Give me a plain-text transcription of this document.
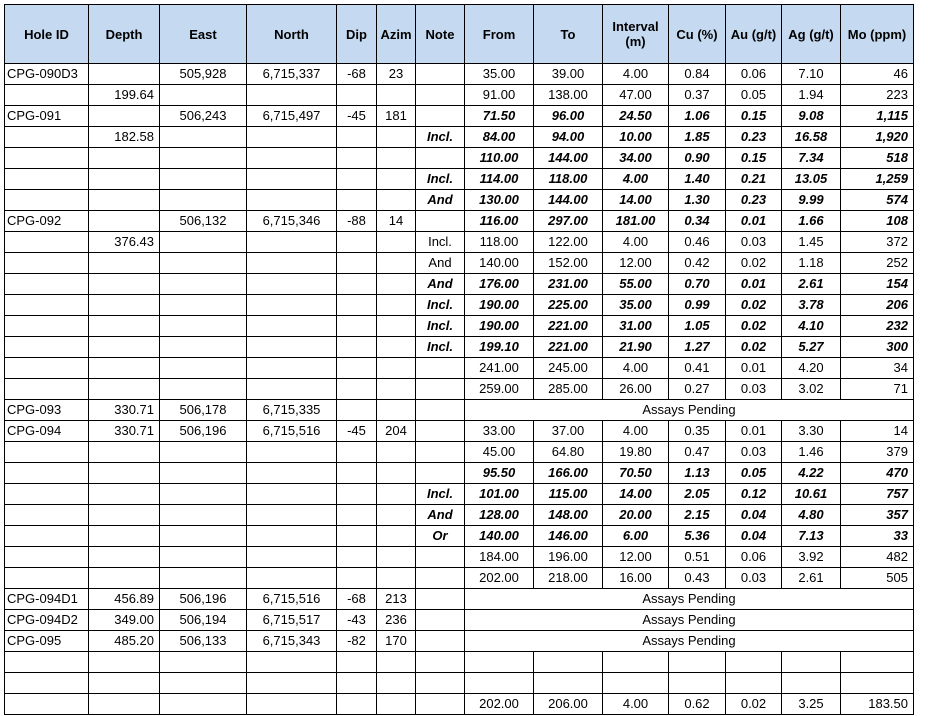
Hole ID	Depth	East	North	Dip	Azim	Note	From	To	Interval (m)	Cu (%)	Au (g/t)	Ag (g/t)	Mo (ppm)
CPG-090D3		505,928	6,715,337	-68	23		35.00	39.00	4.00	0.84	0.06	7.10	46
	199.64						91.00	138.00	47.00	0.37	0.05	1.94	223
CPG-091		506,243	6,715,497	-45	181		71.50	96.00	24.50	1.06	0.15	9.08	1,115
	182.58					Incl.	84.00	94.00	10.00	1.85	0.23	16.58	1,920
							110.00	144.00	34.00	0.90	0.15	7.34	518
						Incl.	114.00	118.00	4.00	1.40	0.21	13.05	1,259
						And	130.00	144.00	14.00	1.30	0.23	9.99	574
CPG-092		506,132	6,715,346	-88	14		116.00	297.00	181.00	0.34	0.01	1.66	108
	376.43					Incl.	118.00	122.00	4.00	0.46	0.03	1.45	372
						And	140.00	152.00	12.00	0.42	0.02	1.18	252
						And	176.00	231.00	55.00	0.70	0.01	2.61	154
						Incl.	190.00	225.00	35.00	0.99	0.02	3.78	206
						Incl.	190.00	221.00	31.00	1.05	0.02	4.10	232
						Incl.	199.10	221.00	21.90	1.27	0.02	5.27	300
							241.00	245.00	4.00	0.41	0.01	4.20	34
							259.00	285.00	26.00	0.27	0.03	3.02	71
CPG-093	330.71	506,178	6,715,335				Assays Pending						
CPG-094	330.71	506,196	6,715,516	-45	204		33.00	37.00	4.00	0.35	0.01	3.30	14
							45.00	64.80	19.80	0.47	0.03	1.46	379
							95.50	166.00	70.50	1.13	0.05	4.22	470
						Incl.	101.00	115.00	14.00	2.05	0.12	10.61	757
						And	128.00	148.00	20.00	2.15	0.04	4.80	357
						Or	140.00	146.00	6.00	5.36	0.04	7.13	33
							184.00	196.00	12.00	0.51	0.06	3.92	482
							202.00	218.00	16.00	0.43	0.03	2.61	505
CPG-094D1	456.89	506,196	6,715,516	-68	213		Assays Pending						
CPG-094D2	349.00	506,194	6,715,517	-43	236		Assays Pending						
CPG-095	485.20	506,133	6,715,343	-82	170		Assays Pending						

							202.00	206.00	4.00	0.62	0.02	3.25	183.50
